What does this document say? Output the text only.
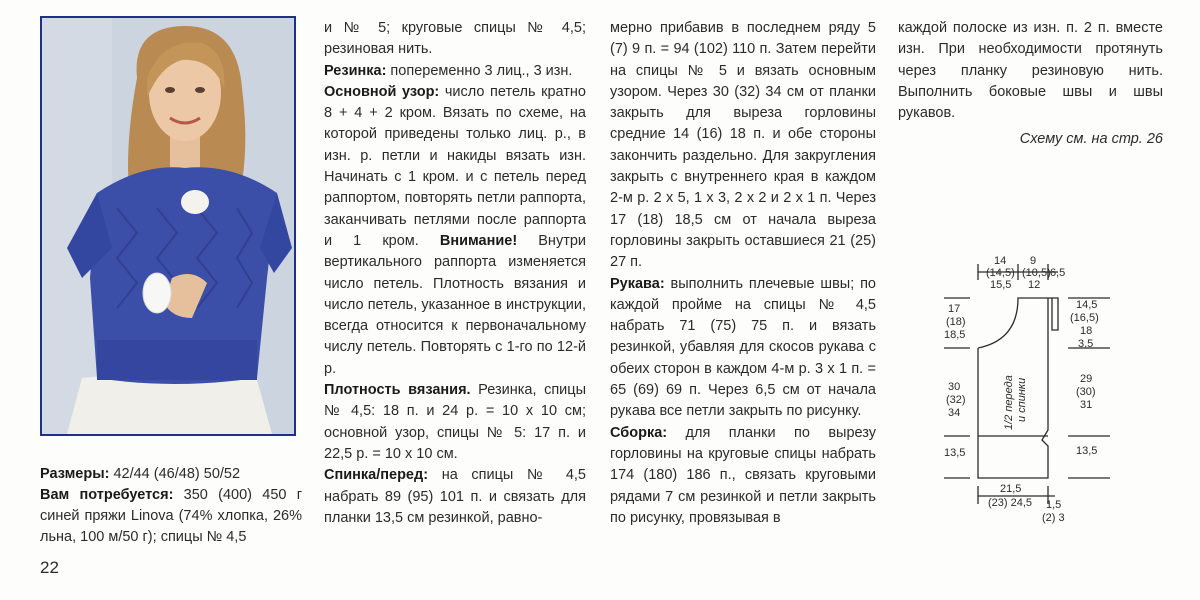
Размеры: 42/44 (46/48) 50/52

Вам потребуется: 350 (400) 450 г синей пряжи Linova (74% хлопка, 26% льна, 100 м/50 г); спицы № 4,5

22

и № 5; круговые спицы № 4,5; резиновая нить.

Резинка: попеременно 3 лиц., 3 изн.

Основной узор: число петель кратно 8 + 4 + 2 кром. Вязать по схеме, на которой приведены только лиц. р., в изн. р. петли и накиды вязать изн. Начинать с 1 кром. и с петель перед раппортом, повторять петли раппорта, заканчивать петлями после раппорта и 1 кром. Внимание! Внутри вертикального раппорта изменяется число петель. Плотность вязания и число петель, указанное в инструкции, всегда относится к первоначальному числу петель. Повторять с 1-го по 12-й р.

Плотность вязания. Резинка, спицы № 4,5: 18 п. и 24 р. = 10 х 10 см; основной узор, спицы № 5: 17 п. и 22,5 р. = 10 х 10 см.

Спинка/перед: на спицы № 4,5 набрать 89 (95) 101 п. и связать для планки 13,5 см резинкой, равно-

мерно прибавив в последнем ряду 5 (7) 9 п. = 94 (102) 110 п. Затем перейти на спицы № 5 и вязать основным узором. Через 30 (32) 34 см от планки закрыть для выреза горловины средние 14 (16) 18 п. и обе стороны закончить раздельно. Для закругления закрыть с внутреннего края в каждом 2-м р. 2 х 5, 1 х 3, 2 х 2 и 2 х 1 п. Через 17 (18) 18,5 см от начала выреза горловины закрыть оставшиеся 21 (25) 27 п.

Рукава: выполнить плечевые швы; по каждой пройме на спицы № 4,5 набрать 71 (75) 75 п. и вязать резинкой, убавляя для скосов рукава с обеих сторон в каждом 4-м р. 3 х 1 п. = 65 (69) 69 п. Через 6,5 см от начала рукава все петли закрыть по рисунку.

Сборка: для планки по вырезу горловины на круговые спицы набрать 174 (180) 186 п., связать круговыми рядами 7 см резинкой и петли закрыть по рисунку, провязывая в

каждой полоске из изн. п. 2 п. вместе изн. При необходимости протянуть через планку резиновую нить. Выполнить боковые швы и швы рукавов.

Схему см. на стр. 26

14
(14,5)
15,5
9
(10,5)
12
6,5
17
(18)
18,5
30
(32)
34
13,5
14,5
(16,5)
18
3,5
29
(30)
31
13,5
21,5
(23) 24,5 1,5
(2) 3
1/2 переда и спинки
